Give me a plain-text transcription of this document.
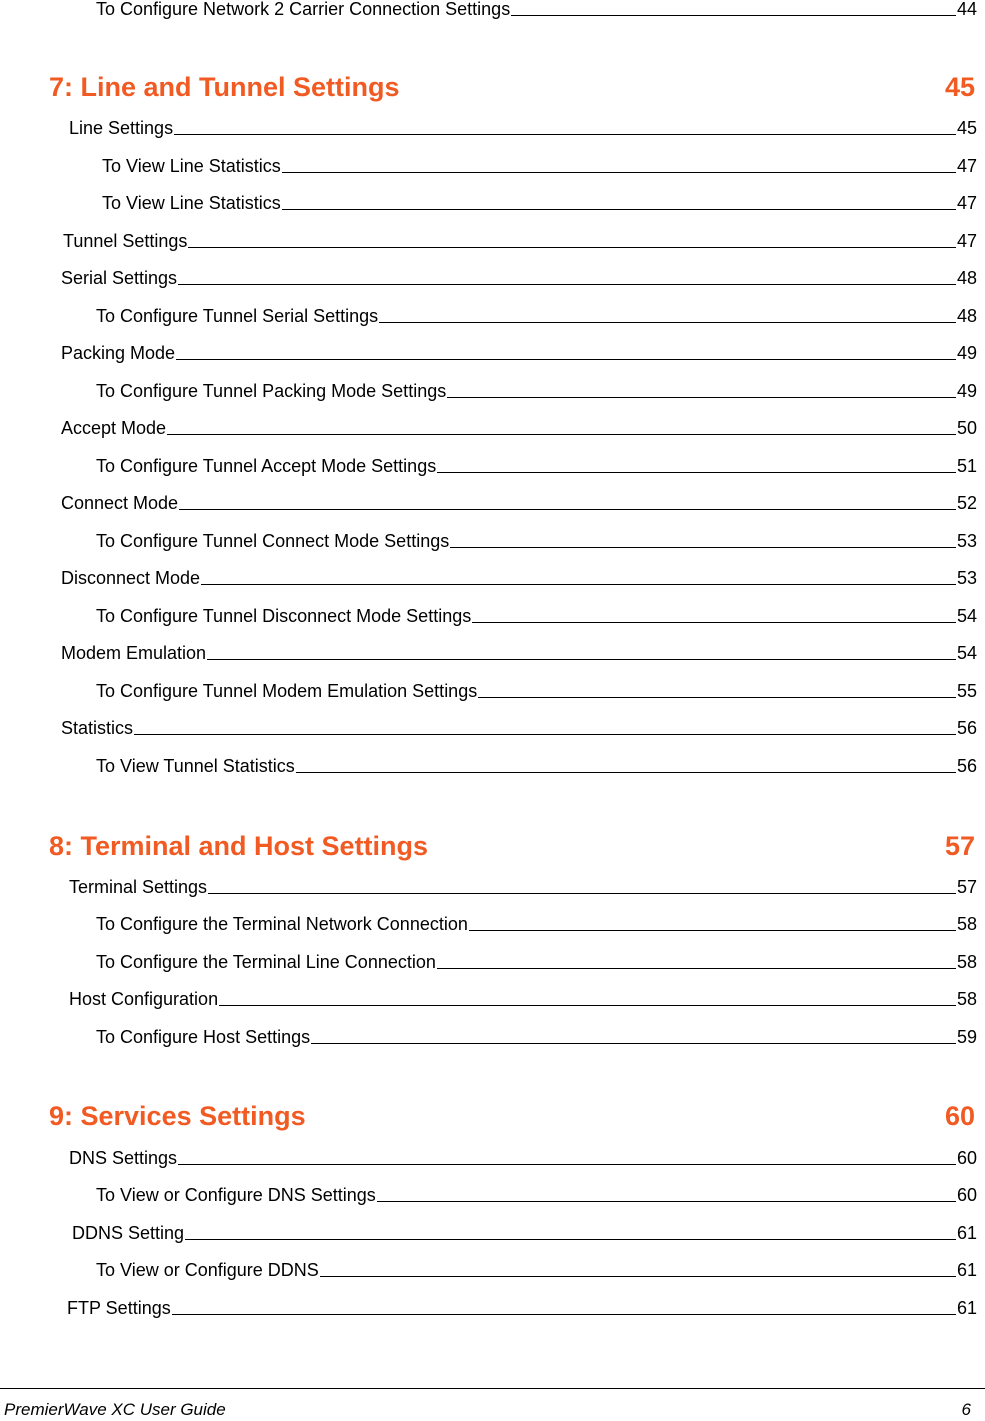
To Configure Network 2 Carrier Connection Settings	44
7: Line and Tunnel Settings	45
Line Settings	45
To View Line Statistics	47
To View Line Statistics	47
Tunnel Settings	47
Serial Settings	48
To Configure Tunnel Serial Settings	48
Packing Mode	49
To Configure Tunnel Packing Mode Settings	49
Accept Mode	50
To Configure Tunnel Accept Mode Settings	51
Connect Mode	52
To Configure Tunnel Connect Mode Settings	53
Disconnect Mode	53
To Configure Tunnel Disconnect Mode Settings	54
Modem Emulation	54
To Configure Tunnel Modem Emulation Settings	55
Statistics	56
To View Tunnel Statistics	56
8: Terminal and Host Settings	57
Terminal Settings	57
To Configure the Terminal Network Connection	58
To Configure the Terminal Line Connection	58
Host Configuration	58
To Configure Host Settings	59
9: Services Settings	60
DNS Settings	60
To View or Configure DNS Settings	60
DDNS Setting	61
To View or Configure DDNS	61
FTP Settings	61
PremierWave XC User Guide	6
